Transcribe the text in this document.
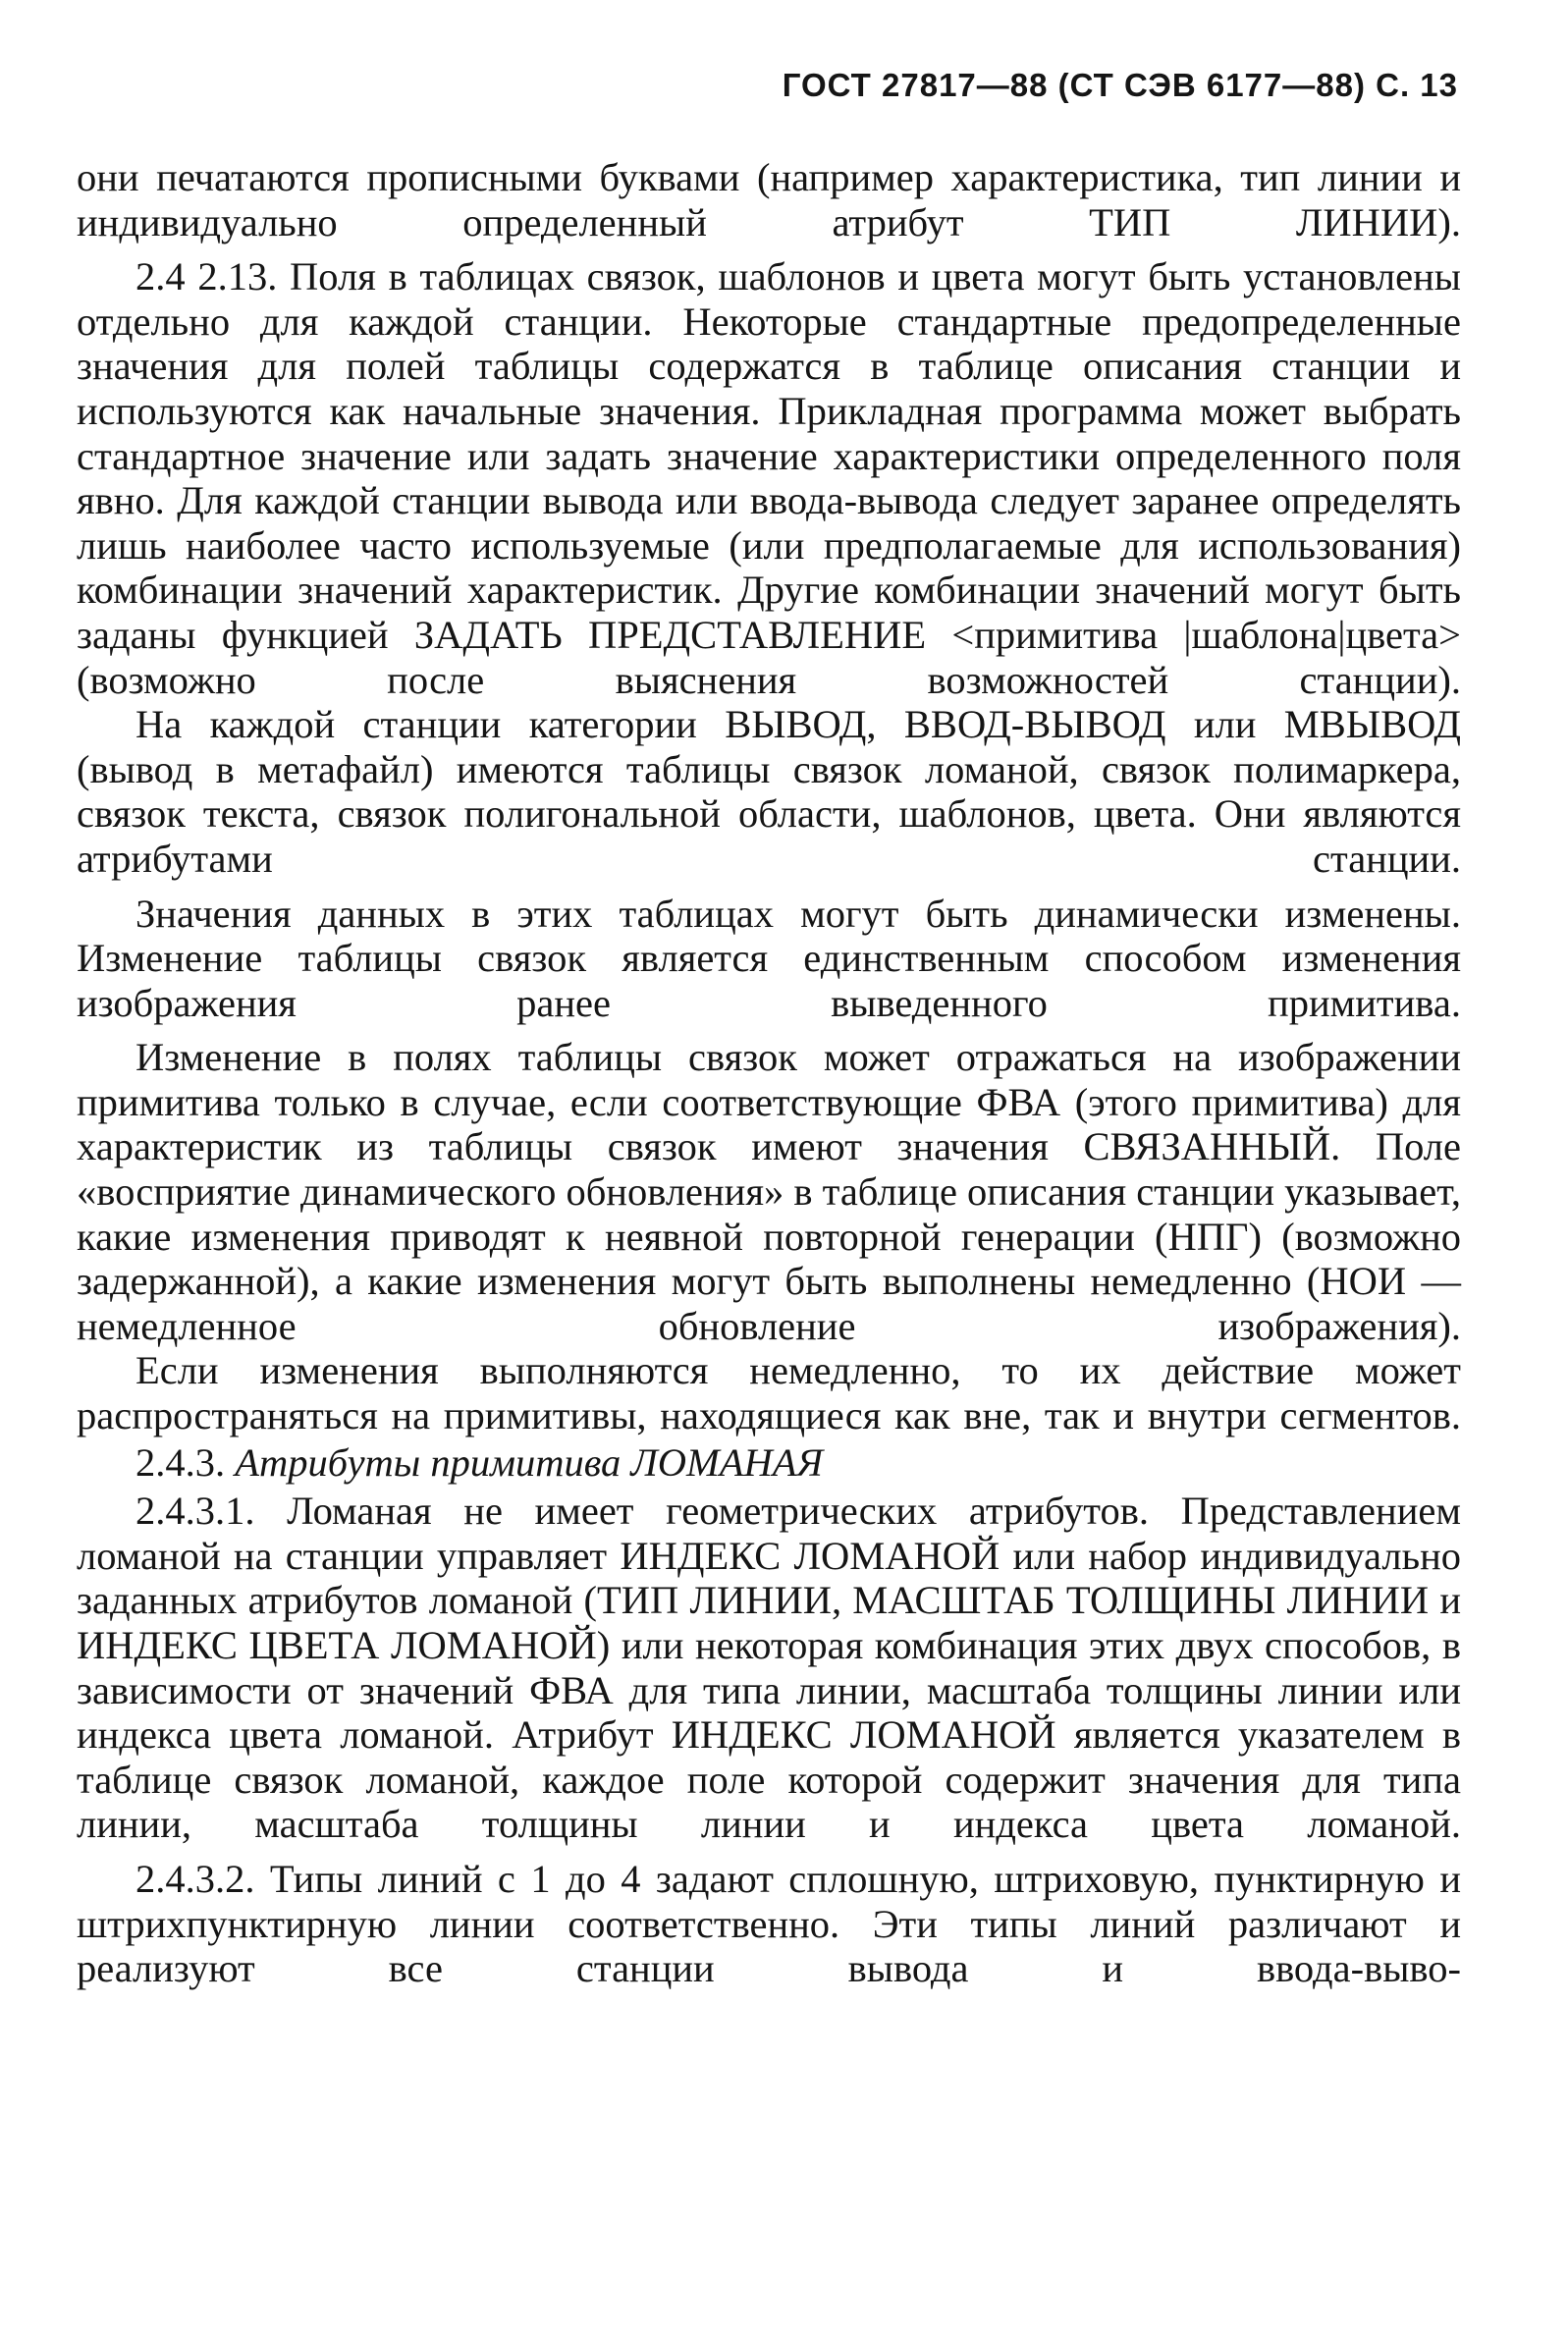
ГОСТ 27817—88 (СТ СЭВ 6177—88) С. 13

они печатаются прописными буквами (например характеристика, тип линии и индивидуально определенный атрибут ТИП ЛИНИИ).

2.4 2.13. Поля в таблицах связок, шаблонов и цвета могут быть установлены отдельно для каждой станции. Некоторые стандартные предопределенные значения для полей таблицы содержатся в таблице описания станции и используются как начальные значения. Прикладная программа может выбрать стандартное значение или задать значение характеристики определенного поля явно. Для каждой станции вывода или ввода-вывода следует заранее определять лишь наиболее часто используемые (или предполагаемые для использования) комбинации значений характеристик. Другие комбинации значений могут быть заданы функцией ЗАДАТЬ ПРЕДСТАВЛЕНИЕ <примитива |шаблона|цвета> (возможно после выяснения возможностей станции).

На каждой станции категории ВЫВОД, ВВОД-ВЫВОД или МВЫВОД (вывод в метафайл) имеются таблицы связок ломаной, связок полимаркера, связок текста, связок полигональной области, шаблонов, цвета. Они являются атрибутами станции.

Значения данных в этих таблицах могут быть динамически изменены. Изменение таблицы связок является единственным способом изменения изображения ранее выведенного примитива.

Изменение в полях таблицы связок может отражаться на изображении примитива только в случае, если соответствующие ФВА (этого примитива) для характеристик из таблицы связок имеют значения СВЯЗАННЫЙ. Поле «восприятие динамического обновления» в таблице описания станции указывает, какие изменения приводят к неявной повторной генерации (НПГ) (возможно задержанной), а какие изменения могут быть выполнены немедленно (НОИ — немедленное обновление изображения).

Если изменения выполняются немедленно, то их действие может распространяться на примитивы, находящиеся как вне, так и внутри сегментов.

2.4.3. Атрибуты примитива ЛОМАНАЯ

2.4.3.1. Ломаная не имеет геометрических атрибутов. Представлением ломаной на станции управляет ИНДЕКС ЛОМАНОЙ или набор индивидуально заданных атрибутов ломаной (ТИП ЛИНИИ, МАСШТАБ ТОЛЩИНЫ ЛИНИИ и ИНДЕКС ЦВЕТА ЛОМАНОЙ) или некоторая комбинация этих двух способов, в зависимости от значений ФВА для типа линии, масштаба толщины линии или индекса цвета ломаной. Атрибут ИНДЕКС ЛОМАНОЙ является указателем в таблице связок ломаной, каждое поле которой содержит значения для типа линии, масштаба толщины линии и индекса цвета ломаной.

2.4.3.2. Типы линий с 1 до 4 задают сплошную, штриховую, пунктирную и штрихпунктирную линии соответственно. Эти типы линий различают и реализуют все станции вывода и ввода-выво-
